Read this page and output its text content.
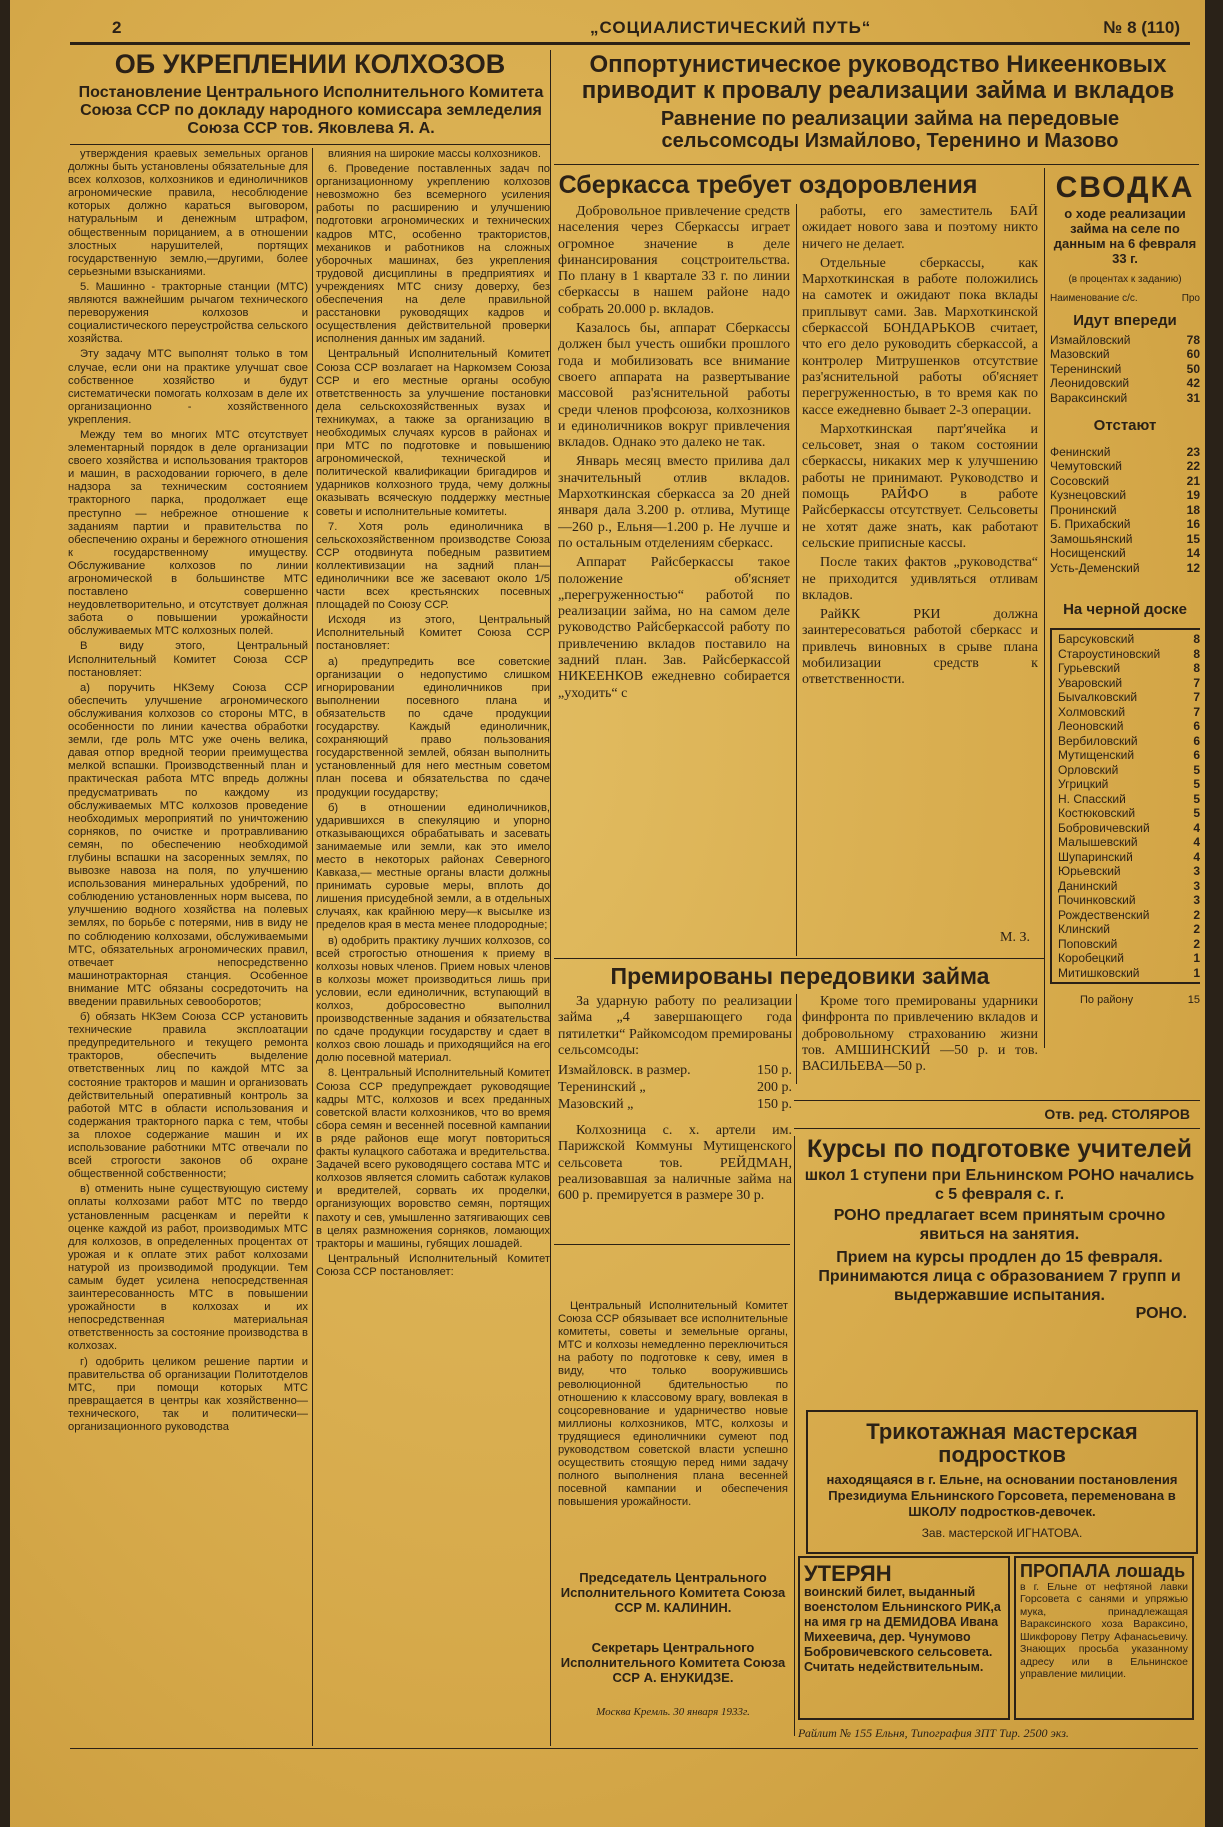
2	„СОЦИАЛИСТИЧЕСКИЙ ПУТЬ“	№ 8 (110)
ОБ УКРЕПЛЕНИИ КОЛХОЗОВ
Постановление Центрального Исполнительного Комитета Союза ССР по докладу народного комиссара земледелия Союза ССР тов. Яковлева Я. А.

утверждения краевых земельных органов должны быть установлены обязательные для всех колхозов, колхозников и единоличников агрономические правила, несоблюдение которых должно караться выговором, натуральным и денежным штрафом, общественным порицанием, а в отношении злостных нарушителей, портящих государственную землю,—другими, более серьезными взысканиями.

5. Машинно - тракторные станции (МТС) являются важнейшим рычагом технического переворужения колхозов и социалистического переустройства сельского хозяйства.

Эту задачу МТС выполнят только в том случае, если они на практике улучшат свое собственное хозяйство и будут систематически помогать колхозам в деле их организационно - хозяйственного укрепления.

Между тем во многих МТС отсутствует элементарный порядок в деле организации своего хозяйства и использования тракторов и машин, в расходовании горючего, в деле надзора за техническим состоянием тракторного парка, продолжает еще преступно — небрежное отношение к заданиям партии и правительства по обеспечению охраны и бережного отношения к государственному имуществу. Обслуживание колхозов по линии агрономической в большинстве МТС поставлено совершенно неудовлетворительно, и отсутствует должная забота о повышении урожайности обслуживаемых МТС колхозных полей.

В виду этого, Центральный Исполнительный Комитет Союза ССР постановляет:

а) поручить НКЗему Союза ССР обеспечить улучшение агрономического обслуживания колхозов со стороны МТС, в особенности по линии качества обработки земли, где роль МТС уже очень велика, давая отпор вредной теории преимущества мелкой вспашки. Производственный план и практическая работа МТС впредь должны предусматривать по каждому из обслуживаемых МТС колхозов проведение необходимых мероприятий по уничтожению сорняков, по очистке и протравливанию семян, по обеспечению необходимой глубины вспашки на засоренных землях, по вывозке навоза на поля, по улучшению использования минеральных удобрений, по соблюдению установленных норм высева, по улучшению водного хозяйства на полевых землях, по борьбе с потерями, нив в виду не по соблюдению колхозами, обслуживаемыми МТС, обязательных агрономических правил, отвечает непосредственно машинотракторная станция. Особенное внимание МТС обязаны сосредоточить на введении правильных севооборотов;

б) обязать НКЗем Союза ССР установить технические правила эксплоатации предупредительного и текущего ремонта тракторов, обеспечить выделение ответственных лиц по каждой МТС за состояние тракторов и машин и организовать действительный оперативный контроль за работой МТС в области использования и содержания тракторного парка с тем, чтобы за плохое содержание машин и их использование работники МТС отвечали по всей строгости законов об охране общественной собственности;

в) отменить ныне существующую систему оплаты колхозами работ МТС по твердо установленным расценкам и перейти к оценке каждой из работ, производимых МТС для колхозов, в определенных процентах от урожая и к оплате этих работ колхозами натурой из производимой продукции. Тем самым будет усилена непосредственная заинтересованность МТС в повышении урожайности в колхозах и их непосредственная материальная ответственность за состояние производства в колхозах.

г) одобрить целиком решение партии и правительства об организации Политотделов МТС, при помощи которых МТС превращается в центры как хозяйственно—технического, так и политически—организационного руководства

влияния на широкие массы колхозников.

6. Проведение поставленных задач по организационному укреплению колхозов невозможно без всемерного усиления работы по расширению и улучшению подготовки агрономических и технических кадров МТС, особенно трактористов, механиков и работников на сложных уборочных машинах, без укрепления трудовой дисциплины в предприятиях и учреждениях МТС снизу доверху, без обеспечения на деле правильной расстановки руководящих кадров и осуществления действительной проверки исполнения данных им заданий.

Центральный Исполнительный Комитет Союза ССР возлагает на Наркомзем Союза ССР и его местные органы особую ответственность за улучшение постановки дела сельскохозяйственных вузах и техникумах, а также за организацию в необходимых случаях курсов в районах и при МТС по подготовке и повышению агрономической, технической и политической квалификации бригадиров и ударников колхозного труда, чему должны оказывать всяческую поддержку местные советы и исполнительные комитеты.

7. Хотя роль единоличника в сельскохозяйственном производстве Союза ССР отодвинута победным развитием коллективизации на задний план—единоличники все же засевают около 1/5 части всех крестьянских посевных площадей по Союзу ССР.

Исходя из этого, Центральный Исполнительный Комитет Союза ССР постановляет:

а) предупредить все советские организации о недопустимо слишком игнорировании единоличников при выполнении посевного плана и обязательств по сдаче продукции государству. Каждый единоличник, сохраняющий право пользования государственной землей, обязан выполнить установленный для него местным советом план посева и обязательства по сдаче продукции государству;

б) в отношении единоличников, ударившихся в спекуляцию и упорно отказывающихся обрабатывать и засевать занимаемые или земли, как это имело место в некоторых районах Северного Кавказа,— местные органы власти должны принимать суровые меры, вплоть до лишения присудебной земли, а в отдельных случаях, как крайнюю меру—к высылке из пределов края в места менее плодородные;

в) одобрить практику лучших колхозов, со всей строгостью отношения к приему в колхозы новых членов. Прием новых членов в колхозы может производиться лишь при условии, если единоличник, вступающий в колхоз, добросовестно выполнил производственные задания и обязательства по сдаче продукции государству и сдает в колхоз свою лошадь и приходящийся на его долю посевной материал.

8. Центральный Исполнительный Комитет Союза ССР предупреждает руководящие кадры МТС, колхозов и всех преданных советской власти колхозников, что во время сбора семян и весенней посевной кампании в ряде районов еще могут повториться факты кулацкого саботажа и вредительства. Задачей всего руководящего состава МТС и колхозов является сломить саботаж кулаков и вредителей, сорвать их проделки, организующих воровство семян, портящих пахоту и сев, умышленно затягивающих сев в целях размножения сорняков, ломающих тракторы и машины, губящих лошадей.

Центральный Исполнительный Комитет Союза ССР постановляет:

Оппортунистическое руководство Никеенковых приводит к провалу реализации займа и вкладов
Равнение по реализации займа на передовые сельсомсоды Измайлово, Теренино и Мазово
Сберкасса требует оздоровления

Добровольное привлечение средств населения через Сберкассы играет огромное значение в деле финансирования соцстроительства. По плану в 1 квартале 33 г. по линии сберкассы в нашем районе надо собрать 20.000 р. вкладов.

Казалось бы, аппарат Сберкассы должен был учесть ошибки прошлого года и мобилизовать все внимание своего аппарата на развертывание массовой раз'яснительной работы среди членов профсоюза, колхозников и единоличников вокруг привлечения вкладов. Однако это далеко не так.

Январь месяц вместо прилива дал значительный отлив вкладов. Мархоткинская сберкасса за 20 дней января дала 3.200 р. отлива, Мутище—260 р., Ельня—1.200 р. Не лучше и по остальным отделениям сберкасс.

Аппарат Райсберкассы такое положение об'ясняет „перегруженностью“ работой по реализации займа, но на самом деле руководство Райсберкассой работу по привлечению вкладов поставило на задний план. Зав. Райсберкассой НИКЕЕНКОВ ежедневно собирается „уходить“ с

работы, его заместитель БАЙ ожидает нового зава и поэтому никто ничего не делает.

Отдельные сберкассы, как Мархоткинская в работе положились на самотек и ожидают пока вклады приплывут сами. Зав. Мархоткинской сберкассой БОНДАРЬКОВ считает, что его дело руководить сберкассой, а контролер Митрушенков отсутствие раз'яснительной работы об'ясняет перегруженностью, в то время как по кассе ежедневно бывает 2-3 операции.

Мархоткинская парт'ячейка и сельсовет, зная о таком состоянии сберкассы, никаких мер к улучшению работы не принимают. Руководство и помощь РАЙФО в работе Райсберкассы отсутствует. Сельсоветы не хотят даже знать, как работают сельские приписные кассы.

После таких фактов „руководства“ не приходится удивляться отливам вкладов.

РайКК РКИ должна заинтересоваться работой сберкасс и привлечь виновных в срыве плана мобилизации средств к ответственности.

М. З.
СВОДКА
о ходе реализации займа на селе по данным на 6 февраля 33 г.
(в процентах к заданию)
Наименование с/с.	Про
Идут впереди
Измайловский	78
Мазовский	60
Теренинский	50
Леонидовский	42
Варакcинский	31
Отстают
Фенинский	23
Чемутовский	22
Сосовский	21
Кузнецовский	19
Пронинский	18
Б. Прихабский	16
Замошьянский	15
Носищенский	14
Усть-Деменский	12
На черной доске
Барсуковский	8
Староустиновский	8
Гурьевский	8
Уваровский	7
Быvалковский	7
Холмовский	7
Леоновский	6
Вербиловский	6
Мутищенский	6
Орловский	5
Угрицкий	5
Н. Спасский	5
Костюковский	5
Бобровичевский	4
Малышевский	4
Шупаринский	4
Юрьевский	3
Данинский	3
Починковский	3
Рождественский	2
Клинский	2
Поповский	2
Коробецкий	1
Митишковский	1
По району	15
Премированы передовики займа

За ударную работу по реализации займа „4 завершающего года пятилетки“ Райкомсодом премированы сельсомсоды:

Измайловск. в размер.	150 р.
Теренинский „	200 р.
Мазовский „	150 р.

Колхозница с. х. артели им. Парижской Коммуны Мутищенского сельсовета тов. РЕЙДМАН, реализовавшая за наличные займа на 600 р. премируется в размере 30 р.

Кроме того премированы ударники финфронта по привлечению вкладов и добровольному страхованию жизни тов. АМШИНСКИЙ —50 р. и тов. ВАСИЛЬЕВА—50 р.

Отв. ред. СТОЛЯРОВ
Курсы по подготовке учителей
школ 1 ступени при Ельнинском РОНО начались с 5 февраля с. г.
РОНО предлагает всем принятым срочно явиться на занятия.
Прием на курсы продлен до 15 февраля. Принимаются лица с образованием 7 групп и выдержавшие испытания.
РОНО.

Центральный Исполнительный Комитет Союза ССР обязывает все исполнительные комитеты, советы и земельные органы, МТС и колхозы немедленно переключиться на работу по подготовке к севу, имея в виду, что только вооружившись революционной бдительностью по отношению к классовому врагу, вовлекая в соцсоревнование и ударничество новые миллионы колхозников, МТС, колхозы и трудящиеся единоличники сумеют под руководством советской власти успешно осуществить стоящую перед ними задачу полного выполнения плана весенней посевной кампании и обеспечения повышения урожайности.

Председатель Центрального Исполнительного Комитета Союза ССР М. КАЛИНИН.
Секретарь Центрального Исполнительного Комитета Союза ССР А. ЕНУКИДЗЕ.
Москва Кремль. 30 января 1933г.
Трикотажная мастерская подростков
находящаяся в г. Ельне, на основании постановления Президиума Ельнинского Горсовета, переменована в ШКОЛУ подростков-девочек.
Зав. мастерской ИГНАТОВА.
УТЕРЯН
воинский билет, выданный военстолом Ельнинского РИК,а на имя гр на ДЕМИДОВА Ивана Михеевича, дер. Чунумово Бобровичевского сельсовета.
Считать недействительным.
ПРОПАЛА лошадь
в г. Ельне от нефтяной лавки Горсовета с санями и упряжью мука, принадлежащая Варакcинского хоза Варакcино, Шикфорову Петру Афанасьевичу. Знающих просьба указанному адресу или в Ельнинское управление милиции.
Райлит № 155 Ельня, Типография ЗПТ Тир. 2500 экз.
